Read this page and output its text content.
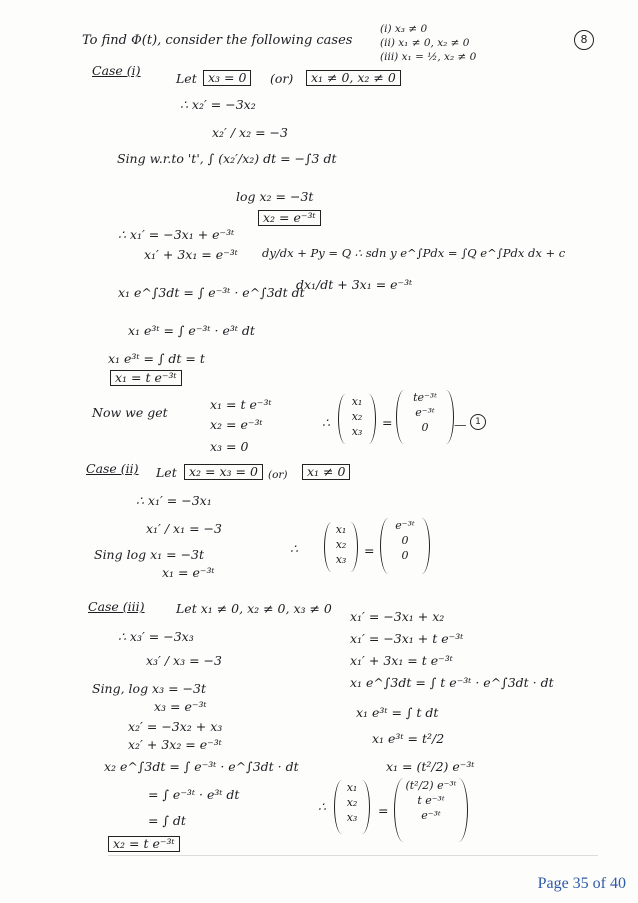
To find Φ(t), consider the following cases
(i) x₃ ≠ 0
(ii) x₁ ≠ 0, x₂ ≠ 0
(iii) x₁ = ½, x₂ ≠ 0
8
Case (i)
Let x₃ = 0	(or)	x₁ ≠ 0, x₂ ≠ 0
∴ x₂′ = −3x₂
x₂′ / x₂ = −3
Sing w.r.to 't', ∫ (x₂′/x₂) dt = −∫3 dt
log x₂ = −3t
x₂ = e⁻³ᵗ
∴ x₁′ = −3x₁ + e⁻³ᵗ
x₁′ + 3x₁ = e⁻³ᵗ dy/dx + Py = Q ∴ sdn y e^∫Pdx = ∫Q e^∫Pdx dx + c
dx₁/dt + 3x₁ = e⁻³ᵗ
x₁ e^∫3dt = ∫ e⁻³ᵗ · e^∫3dt dt
x₁ e³ᵗ = ∫ e⁻³ᵗ · e³ᵗ dt
x₁ e³ᵗ = ∫ dt = t
x₁ = t e⁻³ᵗ
Now we get
x₁ = t e⁻³ᵗ
x₂ = e⁻³ᵗ
x₃ = 0
∴
x₁
x₂
x₃
=
te⁻³ᵗ
e⁻³ᵗ
0	— 1
Case (ii) Let x₂ = x₃ = 0 (or)	x₁ ≠ 0
∴ x₁′ = −3x₁
x₁′ / x₁ = −3
Sing log x₁ = −3t
x₁ = e⁻³ᵗ
∴
x₁
x₂
x₃
=
e⁻³ᵗ
0
0
Case (iii)	Let x₁ ≠ 0, x₂ ≠ 0, x₃ ≠ 0
∴ x₃′ = −3x₃
x₃′ / x₃ = −3
Sing, log x₃ = −3t
x₃ = e⁻³ᵗ
x₂′ = −3x₂ + x₃
x₂′ + 3x₂ = e⁻³ᵗ
x₂ e^∫3dt = ∫ e⁻³ᵗ · e^∫3dt · dt
= ∫ e⁻³ᵗ · e³ᵗ dt
= ∫ dt
x₂ = t e⁻³ᵗ
x₁′ = −3x₁ + x₂
x₁′ = −3x₁ + t e⁻³ᵗ
x₁′ + 3x₁ = t e⁻³ᵗ
x₁ e^∫3dt = ∫ t e⁻³ᵗ · e^∫3dt · dt
x₁ e³ᵗ = ∫ t dt
x₁ e³ᵗ = t²/2
x₁ = (t²/2) e⁻³ᵗ
∴
x₁
x₂
x₃	=
(t²/2) e⁻³ᵗ
t e⁻³ᵗ
e⁻³ᵗ
Page 35 of 40
